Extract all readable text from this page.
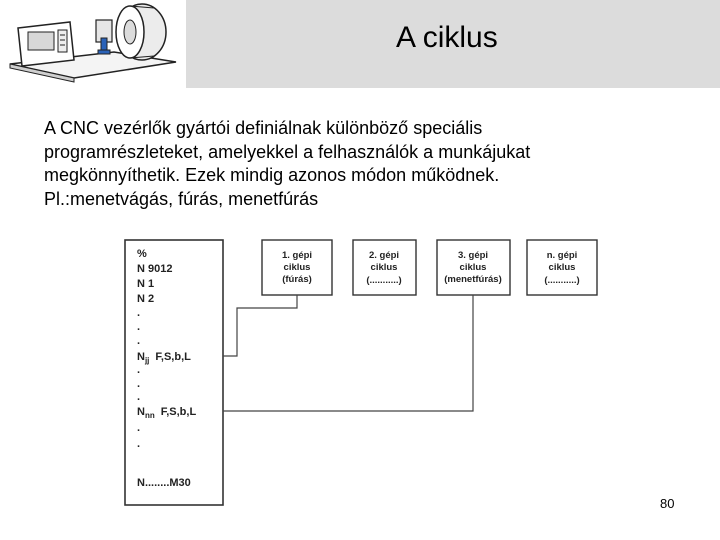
A ciklus

A CNC vezérlők gyártói definiálnak különböző speciális
programrészleteket, amelyekkel a felhasználók a munkájukat
megkönnyíthetik. Ezek mindig azonos módon működnek.
Pl.:menetvágás, fúrás, menetfúrás

%
N 9012
N 1
N 2
.
.
.
$N_{jj}$ F,S,b,L
.
.
.
$N_{nn}$ F,S,b,L
.
.
N........M30
1. gépi
ciklus
(fúrás)
2. gépi
ciklus
(...........)
3. gépi
ciklus
(menetfúrás)
n. gépi
ciklus
(...........)
80
